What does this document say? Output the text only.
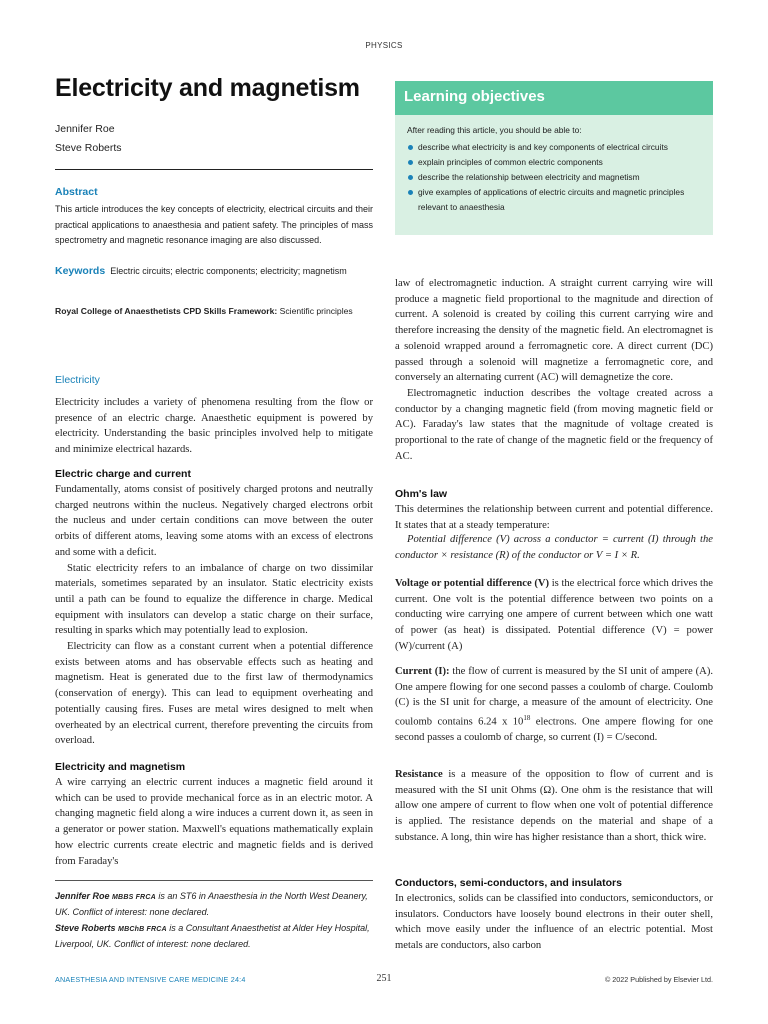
PHYSICS
Electricity and magnetism
Jennifer Roe
Steve Roberts
Abstract
This article introduces the key concepts of electricity, electrical circuits and their practical applications to anaesthesia and patient safety. The principles of mass spectrometry and magnetic resonance imaging are also discussed.
Keywords Electric circuits; electric components; electricity; magnetism
Royal College of Anaesthetists CPD Skills Framework: Scientific principles
Learning objectives
After reading this article, you should be able to:
describe what electricity is and key components of electrical circuits
explain principles of common electric components
describe the relationship between electricity and magnetism
give examples of applications of electric circuits and magnetic principles relevant to anaesthesia
Electricity

Electricity includes a variety of phenomena resulting from the flow or presence of an electric charge. Anaesthetic equipment is powered by electricity. Understanding the basic principles involved help to mitigate and minimize electrical hazards.

Electric charge and current

Fundamentally, atoms consist of positively charged protons and neutrally charged neutrons within the nucleus. Negatively charged electrons orbit the nucleus and under certain conditions can move between the outer orbits of different atoms, leaving some atoms with an excess of electrons and some with a deficit.

Static electricity refers to an imbalance of charge on two dissimilar materials, sometimes separated by an insulator. Static electricity exists until a path can be found to equalize the difference in charge. Medical equipment with insulators can develop a static charge on their surface, resulting in sparks which may potentially lead to explosion.

Electricity can flow as a constant current when a potential difference exists between atoms and has observable effects such as heating and magnetism. Heat is generated due to the first law of thermodynamics (conservation of energy). This can lead to equipment overheating and potentially causing fires. Fuses are metal wires designed to melt when overheated by an electrical current, therefore preventing the circuits from overload.

Electricity and magnetism

A wire carrying an electric current induces a magnetic field around it which can be used to provide mechanical force as in an electric motor. A changing magnetic field along a wire induces a current down it, as seen in a generator or power station. Maxwell's equations mathematically explain how electric currents create electric and magnetic fields and is derived from Faraday's

Jennifer Roe MBBS FRCA is an ST6 in Anaesthesia in the North West Deanery, UK. Conflict of interest: none declared.
Steve Roberts MBChB FRCA is a Consultant Anaesthetist at Alder Hey Hospital, Liverpool, UK. Conflict of interest: none declared.

law of electromagnetic induction. A straight current carrying wire will produce a magnetic field proportional to the magnitude and direction of current. A solenoid is created by coiling this current carrying wire and therefore increasing the density of the magnetic field. An electromagnet is a solenoid wrapped around a ferromagnetic core. A direct current (DC) passed through a solenoid will magnetize a ferromagnetic core, and conversely an alternating current (AC) will demagnetize the core.

Electromagnetic induction describes the voltage created across a conductor by a changing magnetic field (from moving magnetic field or AC). Faraday's law states that the magnitude of voltage created is proportional to the rate of change of the magnetic field or the frequency of AC.

Ohm's law

This determines the relationship between current and potential difference. It states that at a steady temperature:

Potential difference (V) across a conductor = current (I) through the conductor × resistance (R) of the conductor or V = I × R.

Voltage or potential difference (V) is the electrical force which drives the current. One volt is the potential difference between two points on a conducting wire carrying one ampere of current between which one watt of power (as heat) is dissipated. Potential difference (V) = power (W)/current (A)

Current (I): the flow of current is measured by the SI unit of ampere (A). One ampere flowing for one second passes a coulomb of charge. Coulomb (C) is the SI unit for charge, a measure of the amount of electricity. One coulomb contains 6.24 x $10^{18}$ electrons. One ampere flowing for one second passes a coulomb of charge, so current (I) = C/second.

Resistance is a measure of the opposition to flow of current and is measured with the SI unit Ohms (Ω). One ohm is the resistance that will allow one ampere of current to flow when one volt of potential difference is applied. The resistance depends on the material and shape of a substance. A long, thin wire has higher resistance than a short, thick wire.

Conductors, semi-conductors, and insulators

In electronics, solids can be classified into conductors, semiconductors, or insulators. Conductors have loosely bound electrons in their outer shell, which move easily under the influence of an electric potential. Most metals are conductors, also carbon

ANAESTHESIA AND INTENSIVE CARE MEDICINE 24:4	251	© 2022 Published by Elsevier Ltd.
